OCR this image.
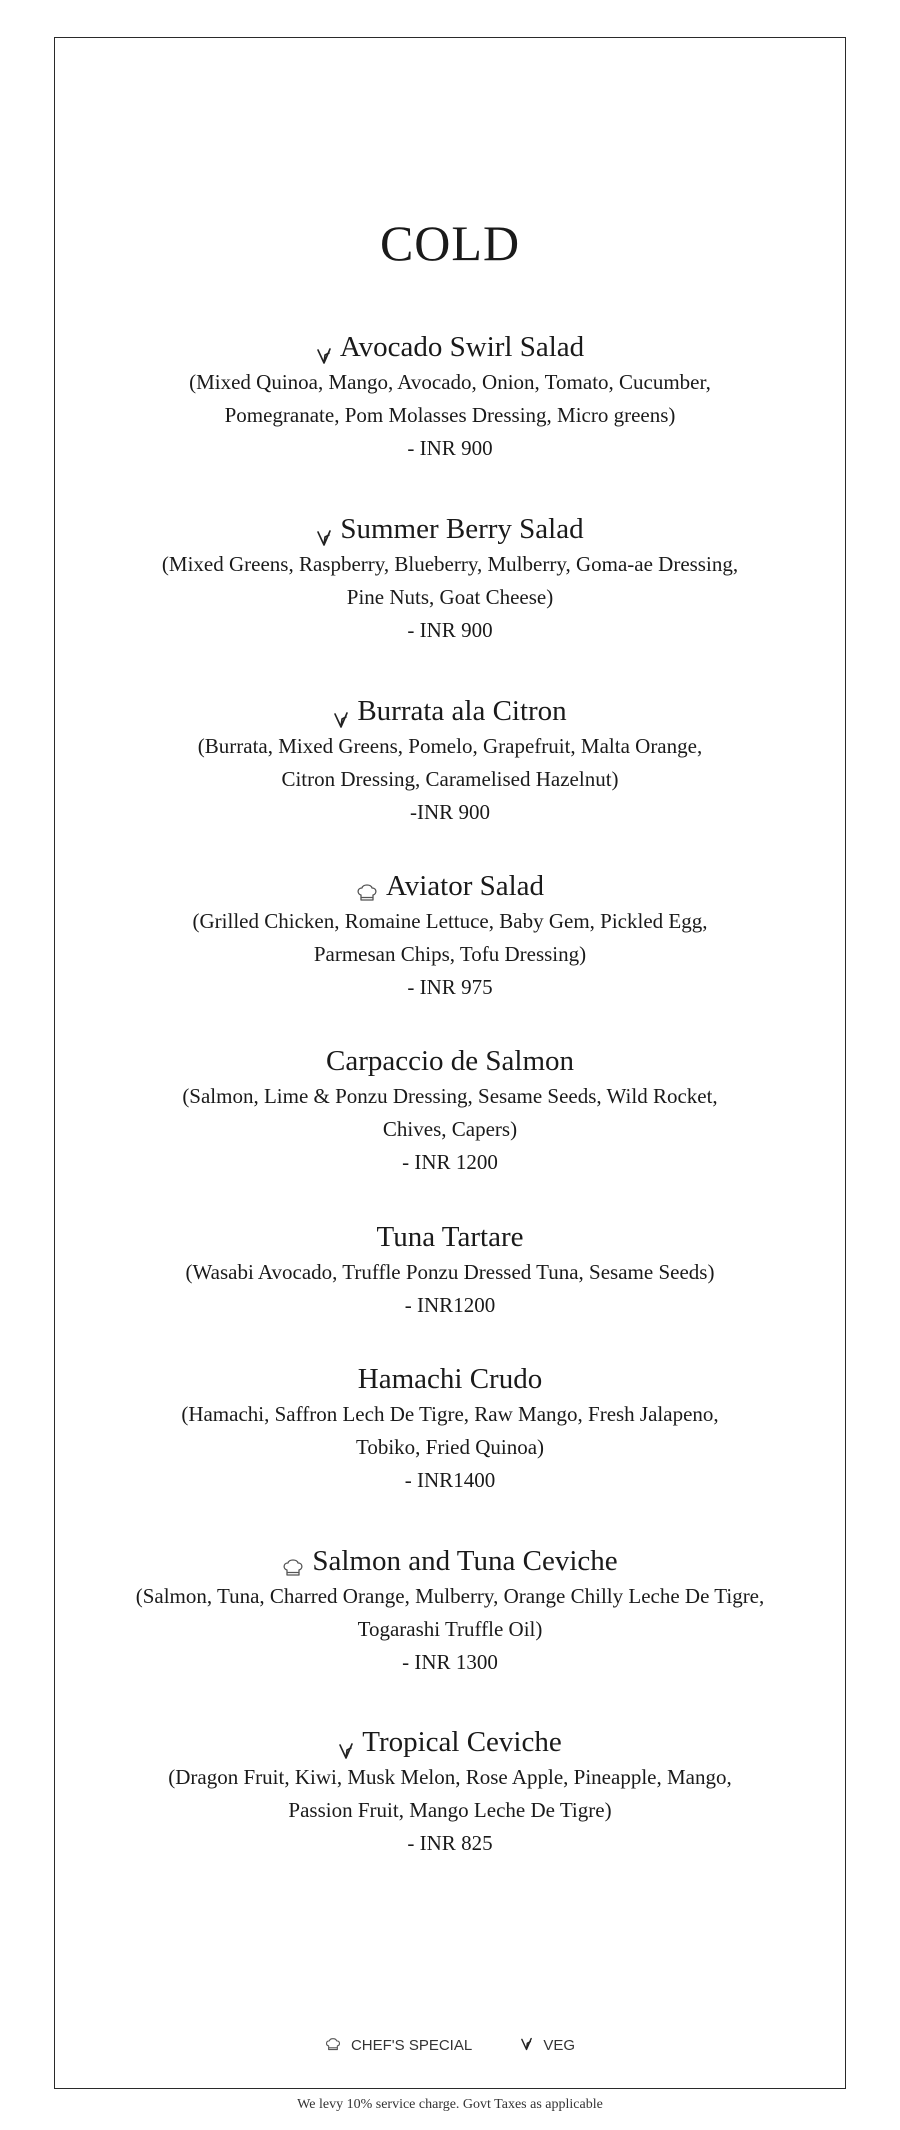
COLD
Avocado Swirl Salad
(Mixed Quinoa, Mango, Avocado, Onion, Tomato, Cucumber,
Pomegranate, Pom Molasses Dressing, Micro greens)
- INR 900
Summer Berry Salad
(Mixed Greens, Raspberry, Blueberry, Mulberry, Goma-ae Dressing,
Pine Nuts, Goat Cheese)
- INR 900
Burrata ala Citron
(Burrata, Mixed Greens, Pomelo, Grapefruit, Malta Orange,
Citron Dressing, Caramelised Hazelnut)
-INR 900
Aviator Salad
(Grilled Chicken, Romaine Lettuce, Baby Gem, Pickled Egg,
Parmesan Chips, Tofu Dressing)
- INR 975
Carpaccio de Salmon
(Salmon, Lime & Ponzu Dressing, Sesame Seeds, Wild Rocket,
Chives, Capers)
- INR 1200
Tuna Tartare
(Wasabi Avocado, Truffle Ponzu Dressed Tuna, Sesame Seeds)
- INR1200
Hamachi Crudo
(Hamachi, Saffron Lech De Tigre, Raw Mango, Fresh Jalapeno,
Tobiko, Fried Quinoa)
- INR1400
Salmon and Tuna Ceviche
(Salmon, Tuna, Charred Orange, Mulberry, Orange Chilly Leche De Tigre,
Togarashi Truffle Oil)
- INR 1300
Tropical Ceviche
(Dragon Fruit, Kiwi, Musk Melon, Rose Apple, Pineapple, Mango,
Passion Fruit, Mango Leche De Tigre)
- INR 825
CHEF'S SPECIAL	VEG
We levy 10% service charge. Govt Taxes as applicable
